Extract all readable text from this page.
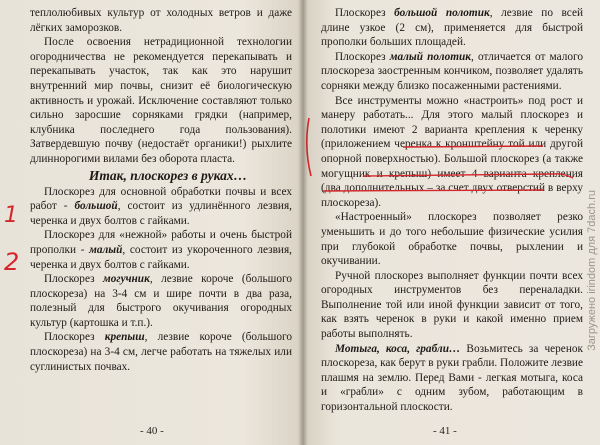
теплолюбивых культур от холодных ветров и даже лёгких заморозков.

После освоения нетрадиционной технологии огородничества не рекомендуется перекапывать и перекапывать участок, так как это нарушит внутренний мир почвы, снизит её биологическую активность и урожай. Исключение составляют только сильно заросшие сорняками грядки (например, клубника последнего года пользования). Затвердевшую почву (недостаёт органики!) рыхлите длиннорогими вилами без оборота пласта.

Итак, плоскорез в руках…

Плоскорез для основной обработки почвы и всех работ - большой, состоит из удлинённого лезвия, черенка и двух болтов с гайками.

Плоскорез для «нежной» работы и очень быстрой прополки - малый, состоит из укороченного лезвия, черенка и двух болтов с гайками.

Плоскорез могучник, лезвие короче (большого плоскореза) на 3-4 см и шире почти в два раза, полезный для быстрого окучивания огородных культур (картошка и т.п.).

Плоскорез крепыш, лезвие короче (большого плоскореза) на 3-4 см, легче работать на тяжелых или суглинистых почвах.

- 40 -
1
2

Плоскорез большой полотик, лезвие по всей длине узкое (2 см), применяется для быстрой прополки больших площадей.

Плоскорез малый полотик, отличается от малого плоскореза заостренным кончиком, позволяет удалять сорняки между близко посаженными растениями.

Все инструменты можно «настроить» под рост и манеру работать... Для этого малый плоскорез и полотики имеют 2 варианта крепления к черенку (приложением черенка к кронштейну той или другой опорной поверхностью). Большой плоскорез (а также могущник и крепыш) имеет 4 варианта крепления (два дополнительных – за счет двух отверстий в верху плоскореза).

«Настроенный» плоскорез позволяет резко уменьшить и до того небольшие физические усилия при глубокой обработке почвы, рыхлении и окучивании.

Ручной плоскорез выполняет функции почти всех огородных инструментов без переналадки. Выполнение той или иной функции зависит от того, как взять черенок в руки и какой именно прием работы выполнять.

Мотыга, коса, грабли… Возьмитесь за черенок плоскореза, как берут в руки грабли. Положите лезвие плашмя на землю. Перед Вами - легкая мотыга, коса и «грабли» с одним зубом, работающим в горизонтальной плоскости.

- 41 -
Загружено irindom для 7dach.ru
